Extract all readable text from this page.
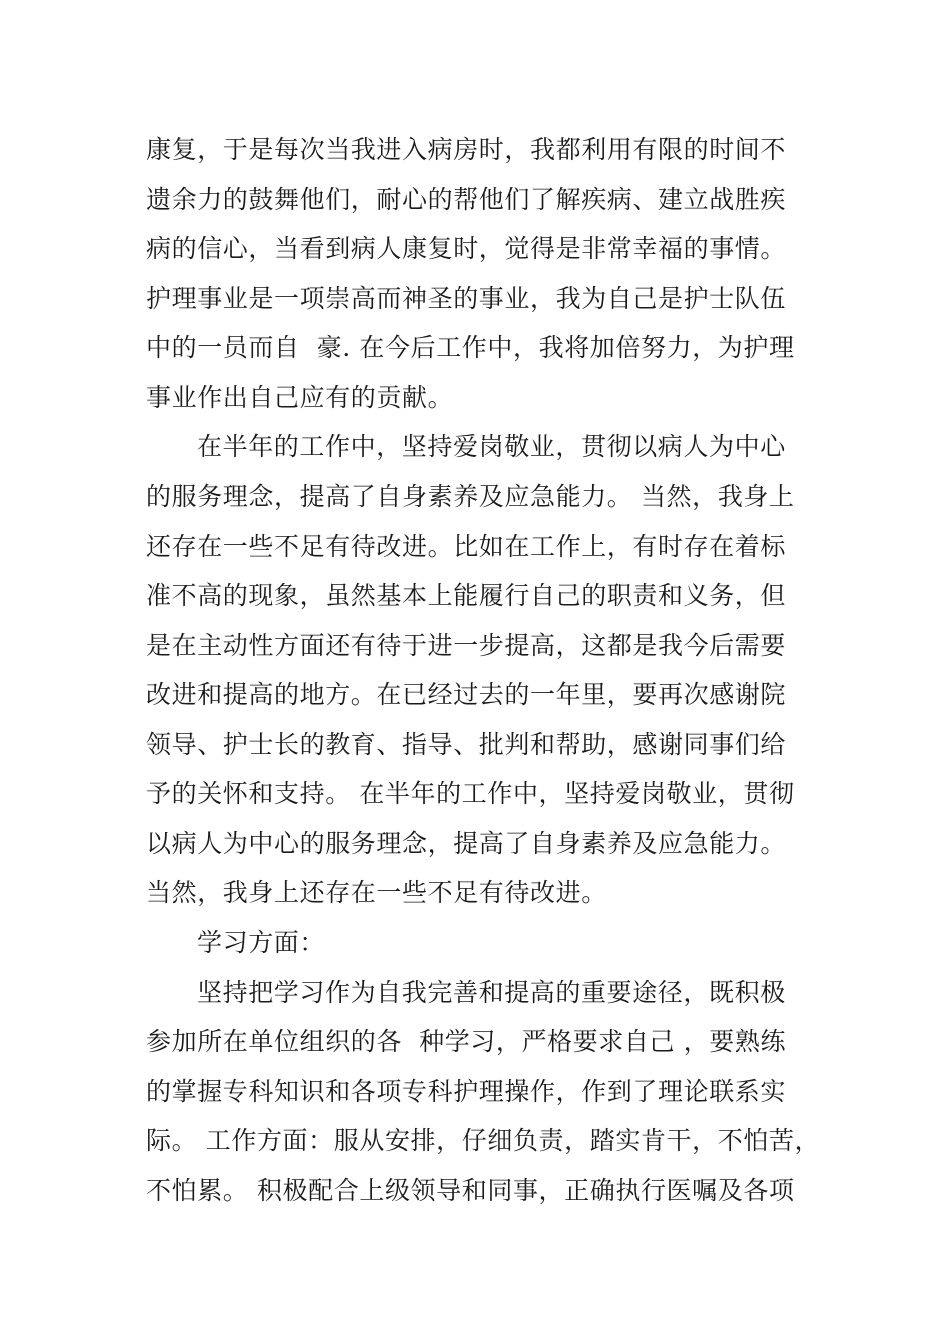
康复，于是每次当我进入病房时，我都利用有限的时间不
遗余力的鼓舞他们，耐心的帮他们了解疾病、建立战胜疾
病的信心，当看到病人康复时，觉得是非常幸福的事情。
护理事业是一项崇高而神圣的事业，我为自己是护士队伍
中的一员而自  豪. 在今后工作中，我将加倍努力，为护理
事业作出自己应有的贡献。
在半年的工作中，坚持爱岗敬业，贯彻以病人为中心
的服务理念，提高了自身素养及应急能力。 当然，我身上
还存在一些不足有待改进。比如在工作上，有时存在着标
准不高的现象，虽然基本上能履行自己的职责和义务，但
是在主动性方面还有待于进一步提高，这都是我今后需要
改进和提高的地方。在已经过去的一年里，要再次感谢院
领导、护士长的教育、指导、批判和帮助，感谢同事们给
予的关怀和支持。 在半年的工作中，坚持爱岗敬业，贯彻
以病人为中心的服务理念，提高了自身素养及应急能力。
当然，我身上还存在一些不足有待改进。
学习方面：
坚持把学习作为自我完善和提高的重要途径，既积极
参加所在单位组织的各  种学习，严格要求自己 ，要熟练
的掌握专科知识和各项专科护理操作，作到了理论联系实
际。 工作方面：服从安排，仔细负责，踏实肯干，不怕苦，
不怕累。 积极配合上级领导和同事，正确执行医嘱及各项
